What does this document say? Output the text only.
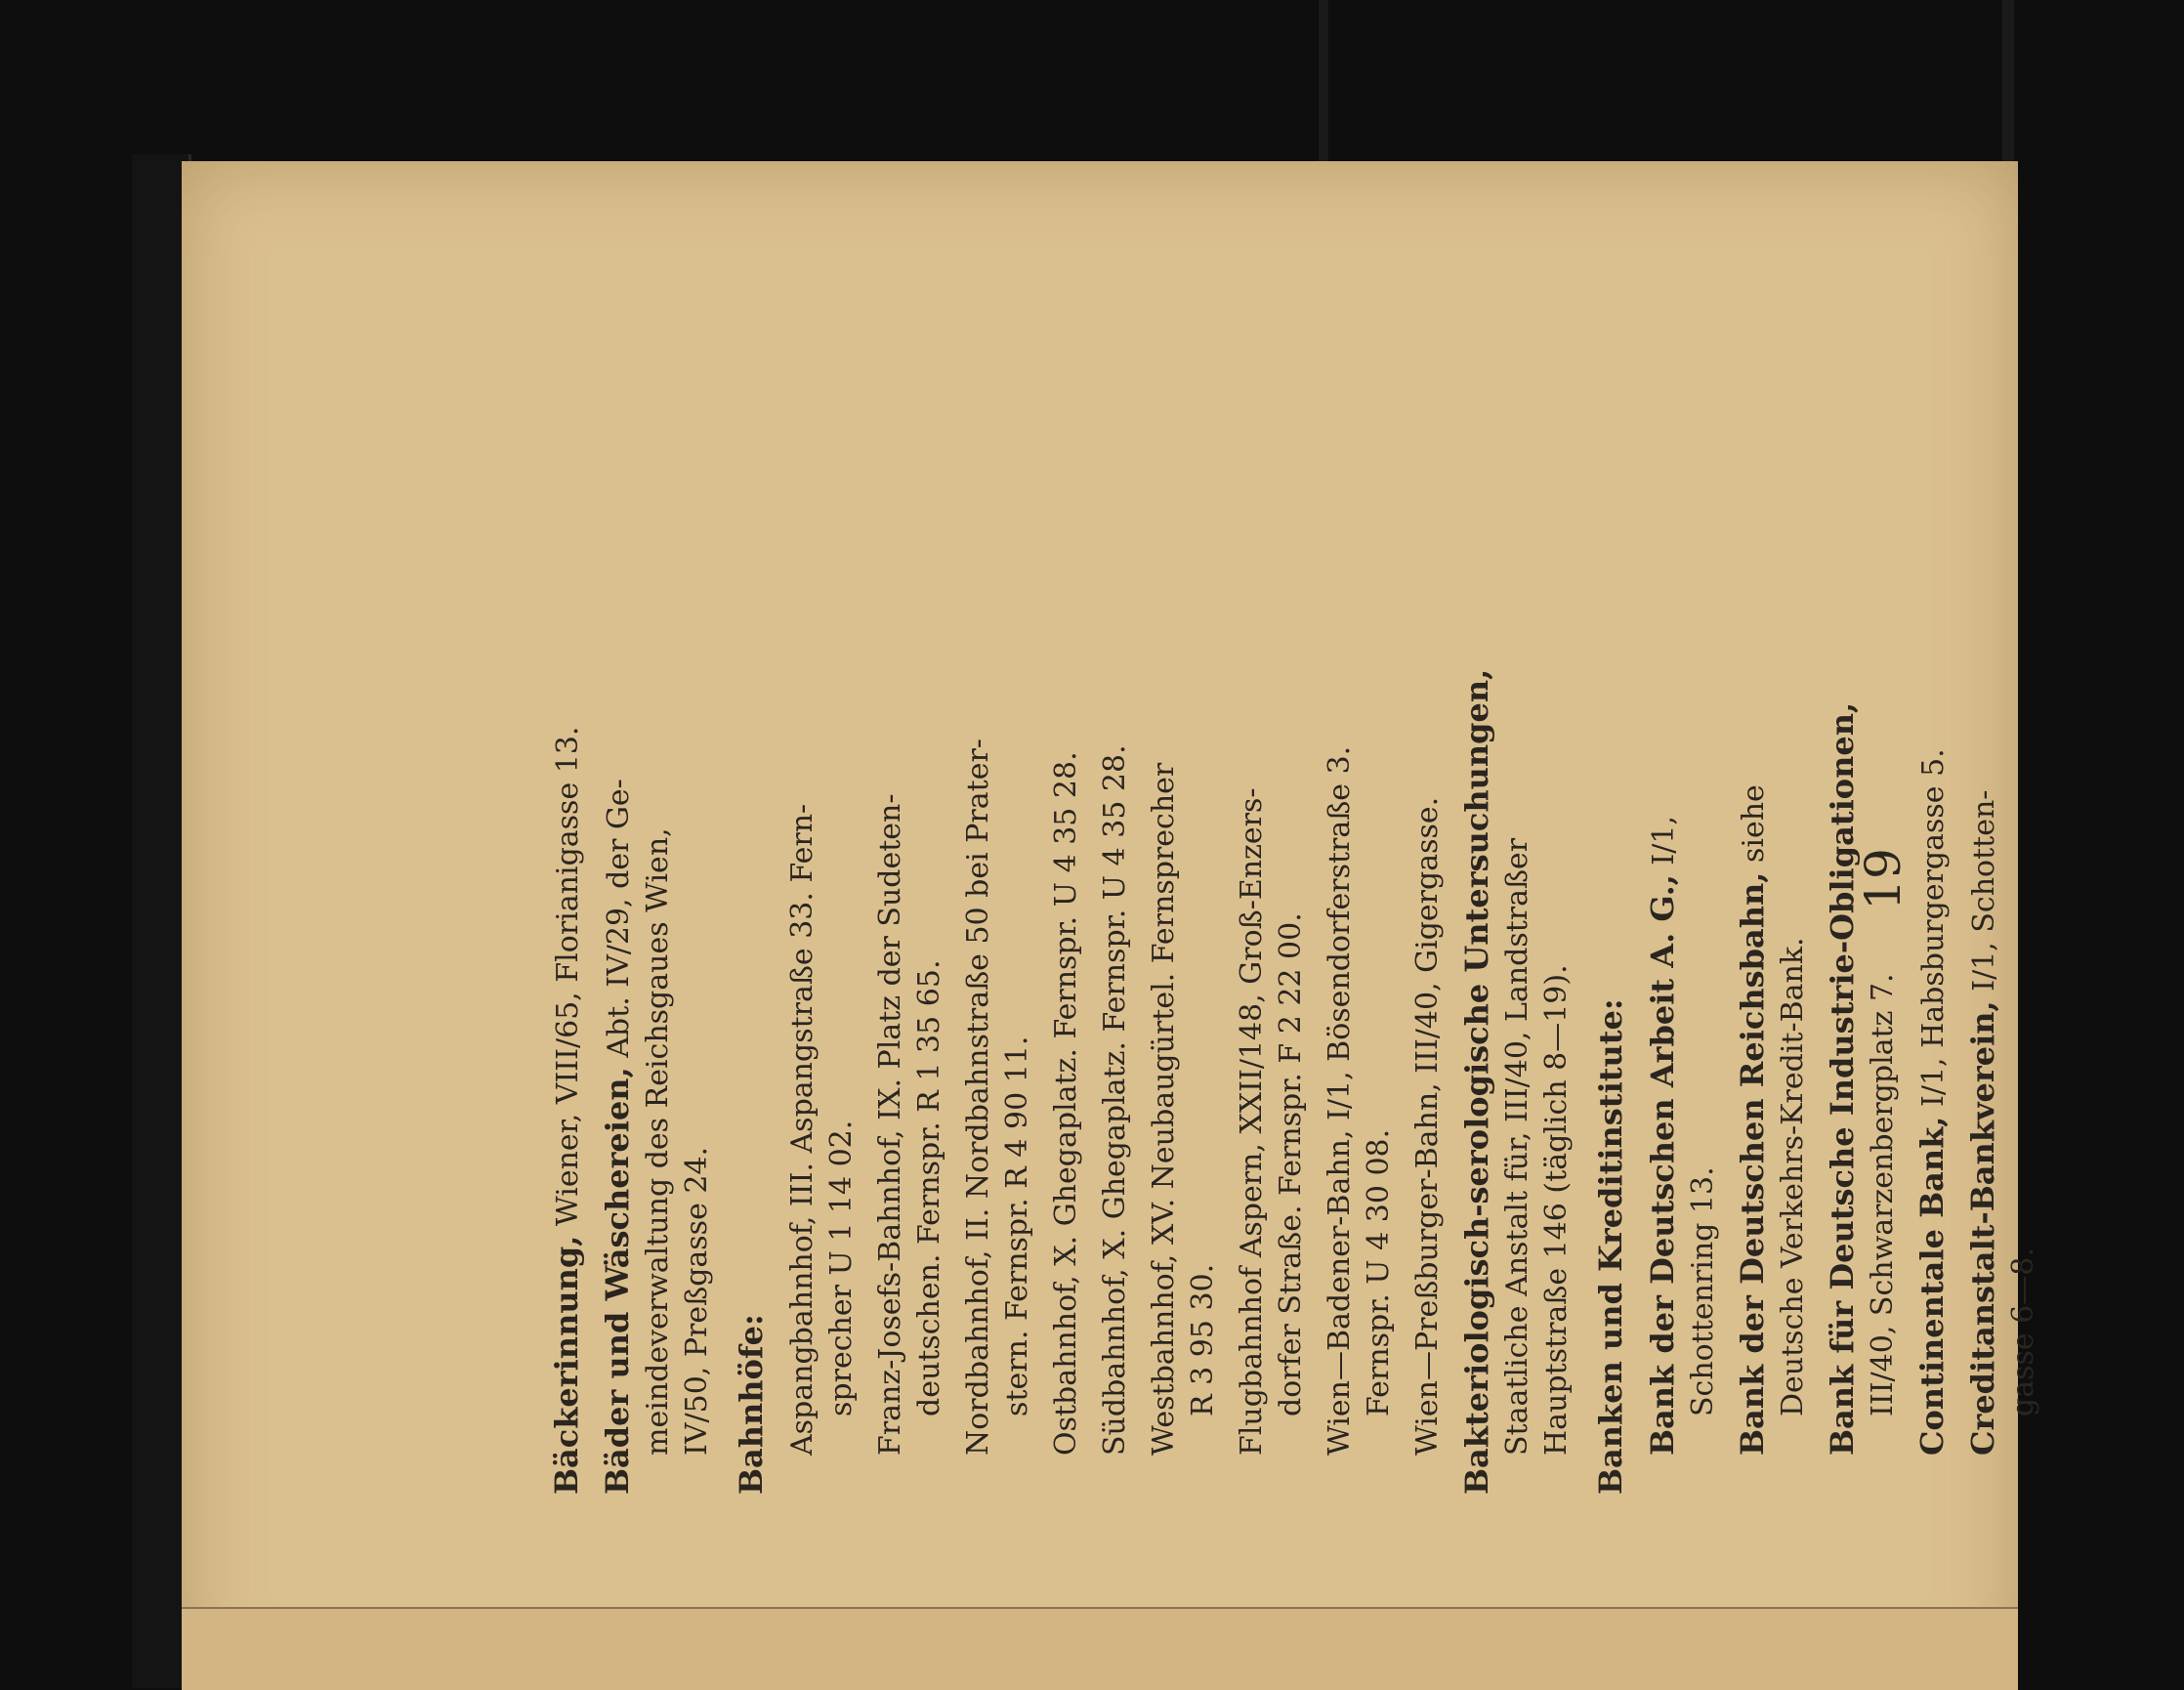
Bäckerinnung, Wiener, VIII/65, Florianigasse 13.
Bäder und Wäschereien, Abt. IV/29, der Ge- meindeverwaltung des Reichsgaues Wien, IV/50, Preßgasse 24. Bahnhöfe: Aspangbahnhof, III. Aspangstraße 33. Fern- sprecher U 1 14 02. Franz-Josefs-Bahnhof, IX. Platz der Sudeten- deutschen. Fernspr. R 1 35 65. Nordbahnhof, II. Nordbahnstraße 50 bei Prater- stern. Fernspr. R 4 90 11. Ostbahnhof, X. Ghegaplatz. Fernspr. U 4 35 28. Südbahnhof, X. Ghegaplatz. Fernspr. U 4 35 28. Westbahnhof, XV. Neubaugürtel. Fernsprecher R 3 95 30. Flugbahnhof Aspern, XXII/148, Groß-Enzers- dorfer Straße. Fernspr. F 2 22 00. Wien—Badener-Bahn, I/1, Bösendorferstraße 3. Fernspr. U 4 30 08. Wien—Preßburger-Bahn, III/40, Gigergasse. Bakteriologisch-serologische Untersuchungen, Staatliche Anstalt für, III/40, Landstraßer Hauptstraße 146 (täglich 8—19). Banken und Kreditinstitute: Bank der Deutschen Arbeit A. G., I/1,
Schottenring 13. Bank der Deutschen Reichsbahn, siehe
Deutsche Verkehrs-Kredit-Bank. Bank für Deutsche Industrie-Obligationen, III/40, Schwarzenbergplatz 7. Continentale Bank, I/1, Habsburgergasse 5.
Creditanstalt-Bankverein, I/1, Schotten-
gasse 6—8.
19
